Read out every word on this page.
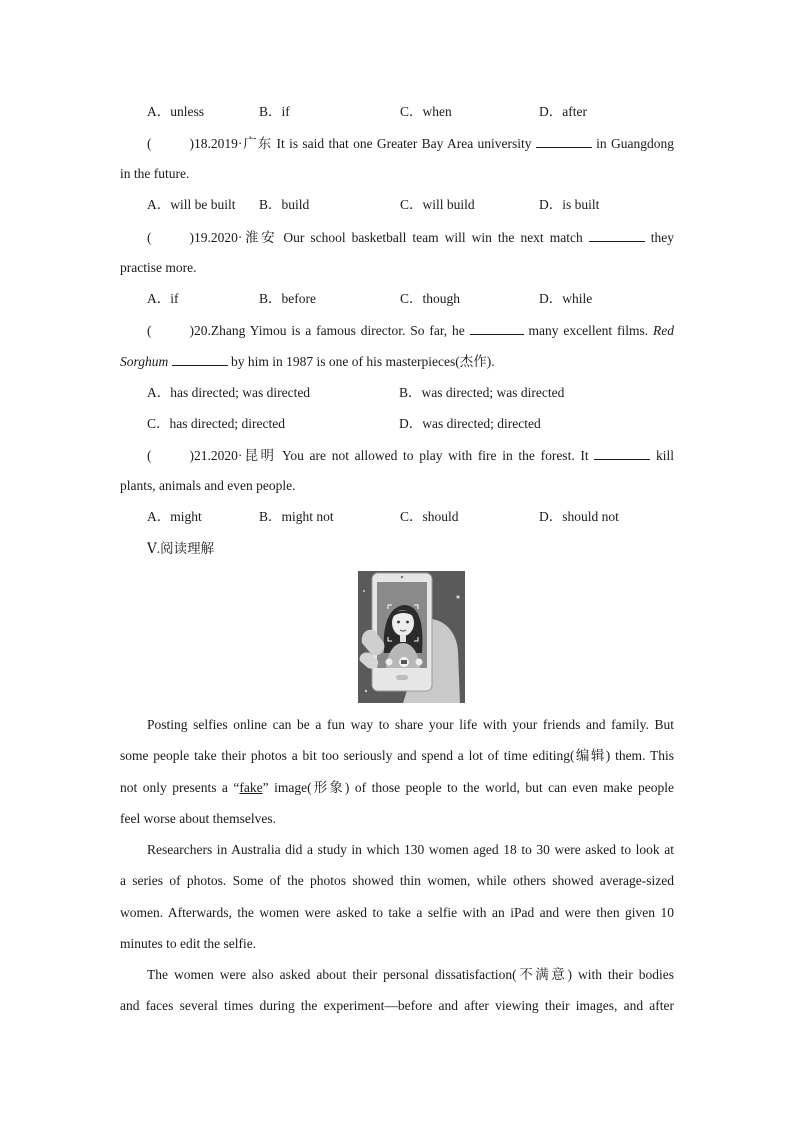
A．unless	B．if	C．when	D．after
(	)18.2019·广东 It is said that one Greater Bay Area university	in Guangdong
in the future.
A．will be built B．build	C．will build	D．is built
(	)19.2020·淮安 Our school basketball team will win the next match	they
practise more.
A．if	B．before	C．though	D．while
(	)20.Zhang Yimou is a famous director. So far, he	many excellent films. Red
Sorghum	by him in 1987 is one of his masterpieces(杰作).
A．has directed; was directed	B．was directed; was directed
C．has directed; directed	D．was directed; directed
(	)21.2020·昆明 You are not allowed to play with fire in the forest. It	kill
plants, animals and even people.
A．might	B．might not	C．should	D．should not
Ⅴ.阅读理解
Posting selfies online can be a fun way to share your life with your friends and family. But
some people take their photos a bit too seriously and spend a lot of time editing(编辑) them. This
not only presents a “fake” image(形象) of those people to the world, but can even make people
feel worse about themselves.
Researchers in Australia did a study in which 130 women aged 18 to 30 were asked to look at
a series of photos. Some of the photos showed thin women, while others showed average-sized
women. Afterwards, the women were asked to take a selfie with an iPad and were then given 10
minutes to edit the selfie.
The women were also asked about their personal dissatisfaction(不满意) with their bodies
and faces several times during the experiment—before and after viewing their images, and after
